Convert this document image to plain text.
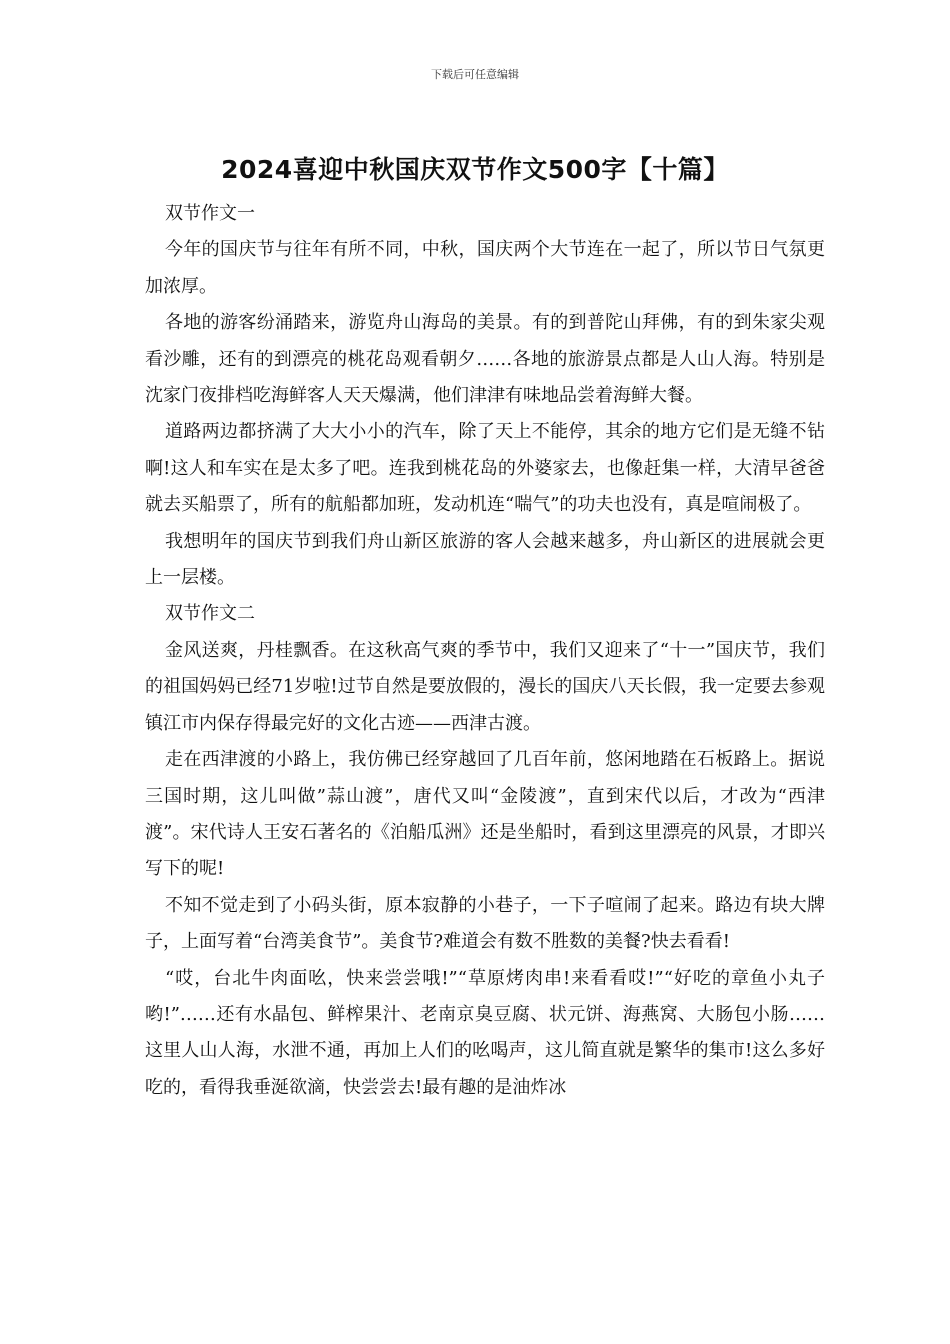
下载后可任意编辑
2024喜迎中秋国庆双节作文500字【十篇】

双节作文一

今年的国庆节与往年有所不同，中秋，国庆两个大节连在一起了，所以节日气氛更加浓厚。

各地的游客纷涌踏来，游览舟山海岛的美景。有的到普陀山拜佛，有的到朱家尖观看沙雕，还有的到漂亮的桃花岛观看朝夕……各地的旅游景点都是人山人海。特别是沈家门夜排档吃海鲜客人天天爆满，他们津津有味地品尝着海鲜大餐。

道路两边都挤满了大大小小的汽车，除了天上不能停，其余的地方它们是无缝不钻啊!这人和车实在是太多了吧。连我到桃花岛的外婆家去，也像赶集一样，大清早爸爸就去买船票了，所有的航船都加班，发动机连“喘气”的功夫也没有，真是喧闹极了。

我想明年的国庆节到我们舟山新区旅游的客人会越来越多，舟山新区的进展就会更上一层楼。

双节作文二

金风送爽，丹桂飘香。在这秋高气爽的季节中，我们又迎来了“十一”国庆节，我们的祖国妈妈已经71岁啦!过节自然是要放假的，漫长的国庆八天长假，我一定要去参观镇江市内保存得最完好的文化古迹——西津古渡。

走在西津渡的小路上，我仿佛已经穿越回了几百年前，悠闲地踏在石板路上。据说三国时期，这儿叫做”蒜山渡”，唐代又叫“金陵渡”，直到宋代以后，才改为“西津渡”。宋代诗人王安石著名的《泊船瓜洲》还是坐船时，看到这里漂亮的风景，才即兴写下的呢!

不知不觉走到了小码头街，原本寂静的小巷子，一下子喧闹了起来。路边有块大牌子，上面写着“台湾美食节”。美食节?难道会有数不胜数的美餐?快去看看!

“哎，台北牛肉面吆，快来尝尝哦!”“草原烤肉串!来看看哎!”“好吃的章鱼小丸子哟!”……还有水晶包、鲜榨果汁、老南京臭豆腐、状元饼、海燕窝、大肠包小肠……这里人山人海，水泄不通，再加上人们的吆喝声，这儿简直就是繁华的集市!这么多好吃的，看得我垂涎欲滴，快尝尝去!最有趣的是油炸冰
